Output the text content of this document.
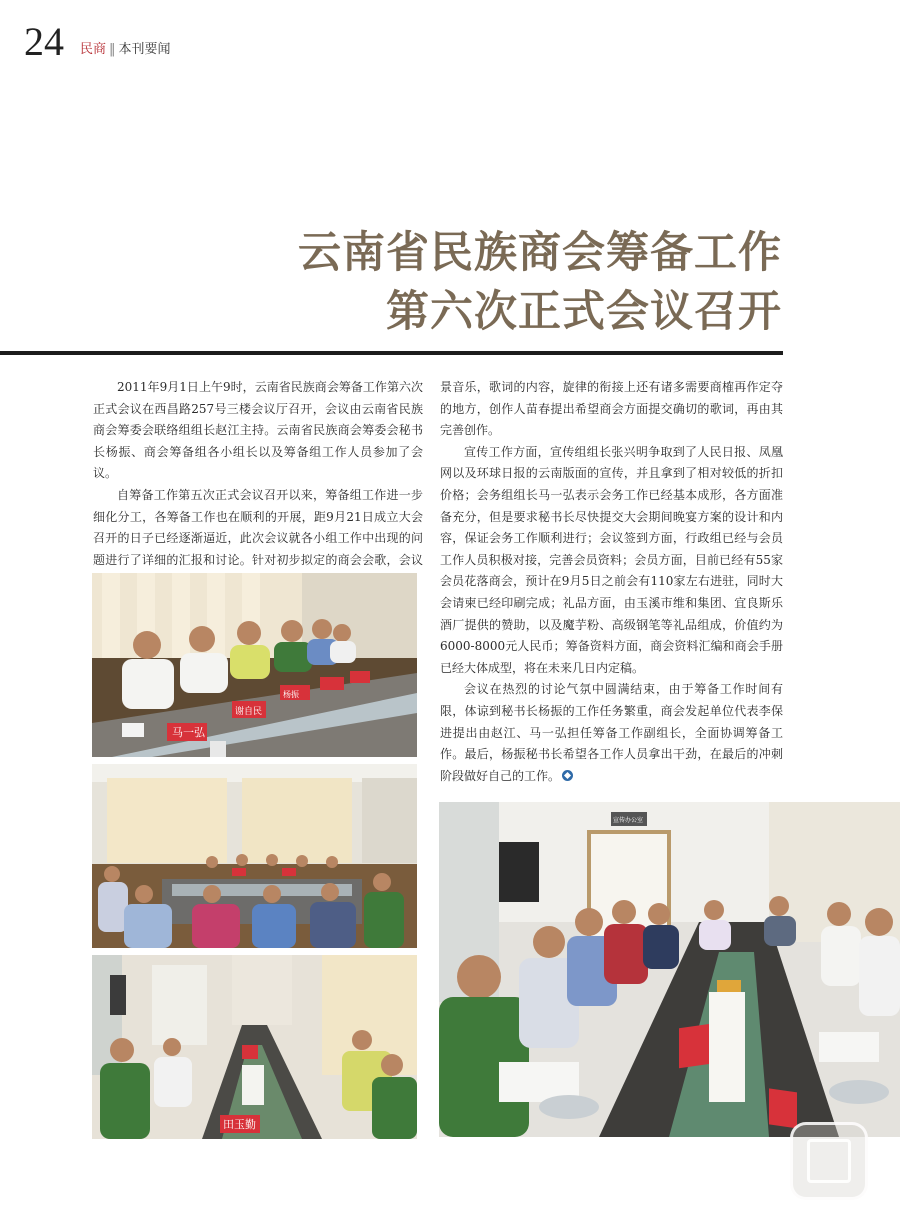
24 民商 ‖ 本刊要闻
云南省民族商会筹备工作
第六次正式会议召开

2011年9月1日上午9时，云南省民族商会筹备工作第六次正式会议在西昌路257号三楼会议厅召开，会议由云南省民族商会筹委会联络组组长赵江主持。云南省民族商会筹委会秘书长杨振、商会筹备组各小组长以及筹备组工作人员参加了会议。

自筹备工作第五次正式会议召开以来，筹备组工作进一步细化分工，各筹备工作也在顺利的开展，距9月21日成立大会召开的日子已经逐渐逼近，此次会议就各小组工作中出现的问题进行了详细的汇报和讨论。针对初步拟定的商会会歌，会议

景音乐，歌词的内容，旋律的衔接上还有诸多需要商榷再作定夺的地方，创作人苗春提出希望商会方面提交确切的歌词，再由其完善创作。

宣传工作方面，宣传组组长张兴明争取到了人民日报、凤凰网以及环球日报的云南版面的宣传，并且拿到了相对较低的折扣价格；会务组组长马一弘表示会务工作已经基本成形，各方面准备充分，但是要求秘书长尽快提交大会期间晚宴方案的设计和内容，保证会务工作顺利进行；会议签到方面，行政组已经与会员工作人员积极对接，完善会员资料；会员方面，目前已经有55家会员花落商会，预计在9月5日之前会有110家左右进驻，同时大会请柬已经印刷完成；礼品方面，由玉溪市维和集团、宜良斯乐酒厂提供的赞助，以及魔芋粉、高级钢笔等礼品组成，价值约为6000-8000元人民币；筹备资料方面，商会资料汇编和商会手册已经大体成型，将在未来几日内定稿。

会议在热烈的讨论气氛中圆满结束，由于筹备工作时间有限，体谅到秘书长杨振的工作任务繁重，商会发起单位代表李保进提出由赵江、马一弘担任筹备工作副组长，全面协调筹备工作。最后，杨振秘书长希望各工作人员拿出干劲，在最后的冲刺阶段做好自己的工作。

马一弘
谢自民
杨振
田玉勤
宣传办公室
